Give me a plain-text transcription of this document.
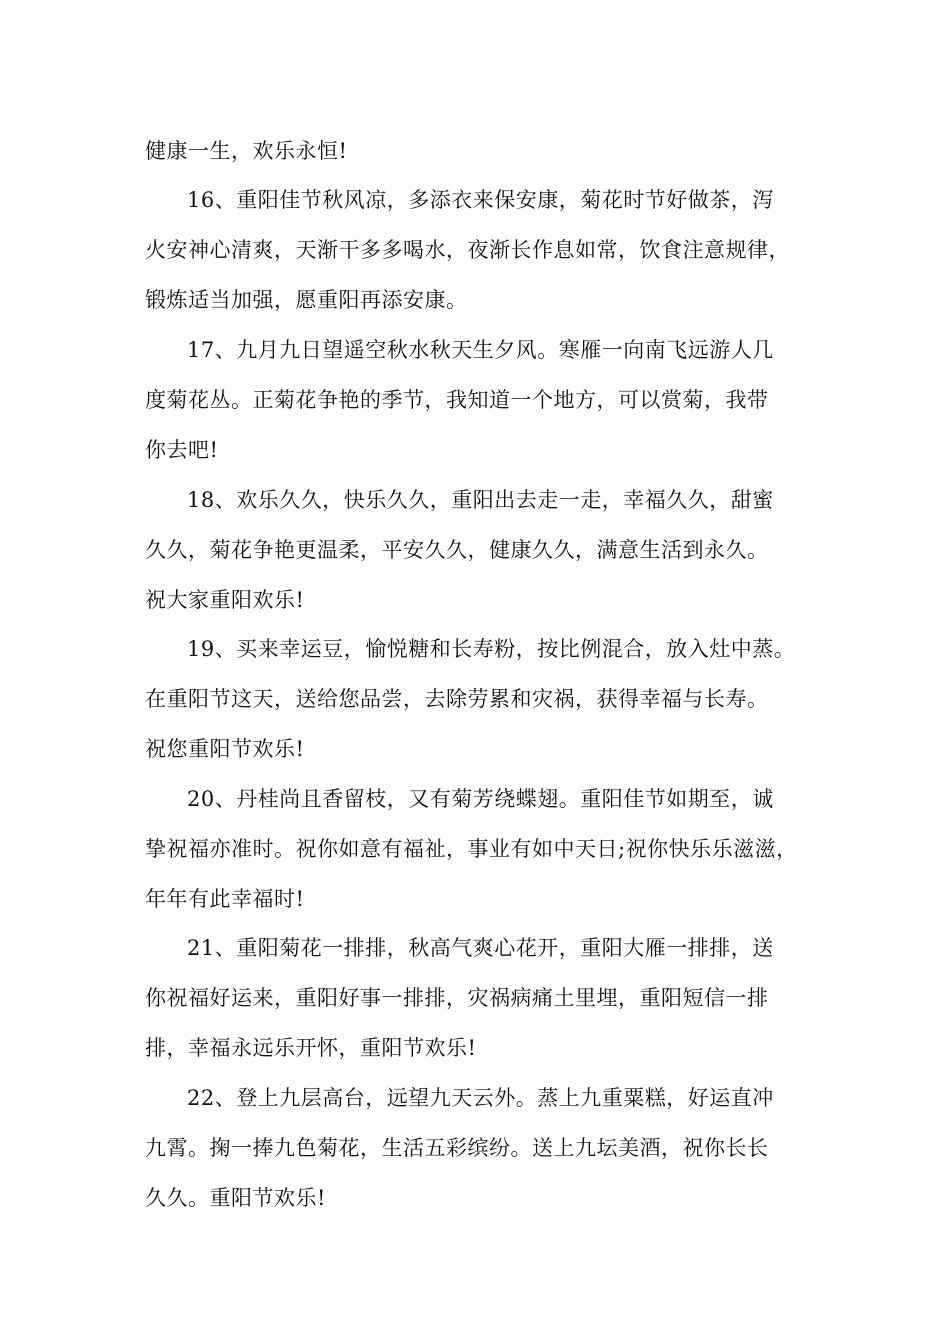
健康一生，欢乐永恒!
16、重阳佳节秋风凉，多添衣来保安康，菊花时节好做茶，泻
火安神心清爽，天渐干多多喝水，夜渐长作息如常，饮食注意规律，
锻炼适当加强，愿重阳再添安康。
17、九月九日望遥空秋水秋天生夕风。寒雁一向南飞远游人几
度菊花丛。正菊花争艳的季节，我知道一个地方，可以赏菊，我带
你去吧!
18、欢乐久久，快乐久久，重阳出去走一走，幸福久久，甜蜜
久久，菊花争艳更温柔，平安久久，健康久久，满意生活到永久。
祝大家重阳欢乐!
19、买来幸运豆，愉悦糖和长寿粉，按比例混合，放入灶中蒸。
在重阳节这天，送给您品尝，去除劳累和灾祸，获得幸福与长寿。
祝您重阳节欢乐!
20、丹桂尚且香留枝，又有菊芳绕蝶翅。重阳佳节如期至，诚
挚祝福亦准时。祝你如意有福祉，事业有如中天日;祝你快乐乐滋滋，
年年有此幸福时!
21、重阳菊花一排排，秋高气爽心花开，重阳大雁一排排，送
你祝福好运来，重阳好事一排排，灾祸病痛土里埋，重阳短信一排
排，幸福永远乐开怀，重阳节欢乐!
22、登上九层高台，远望九天云外。蒸上九重粟糕，好运直冲
九霄。掬一捧九色菊花，生活五彩缤纷。送上九坛美酒，祝你长长
久久。重阳节欢乐!
